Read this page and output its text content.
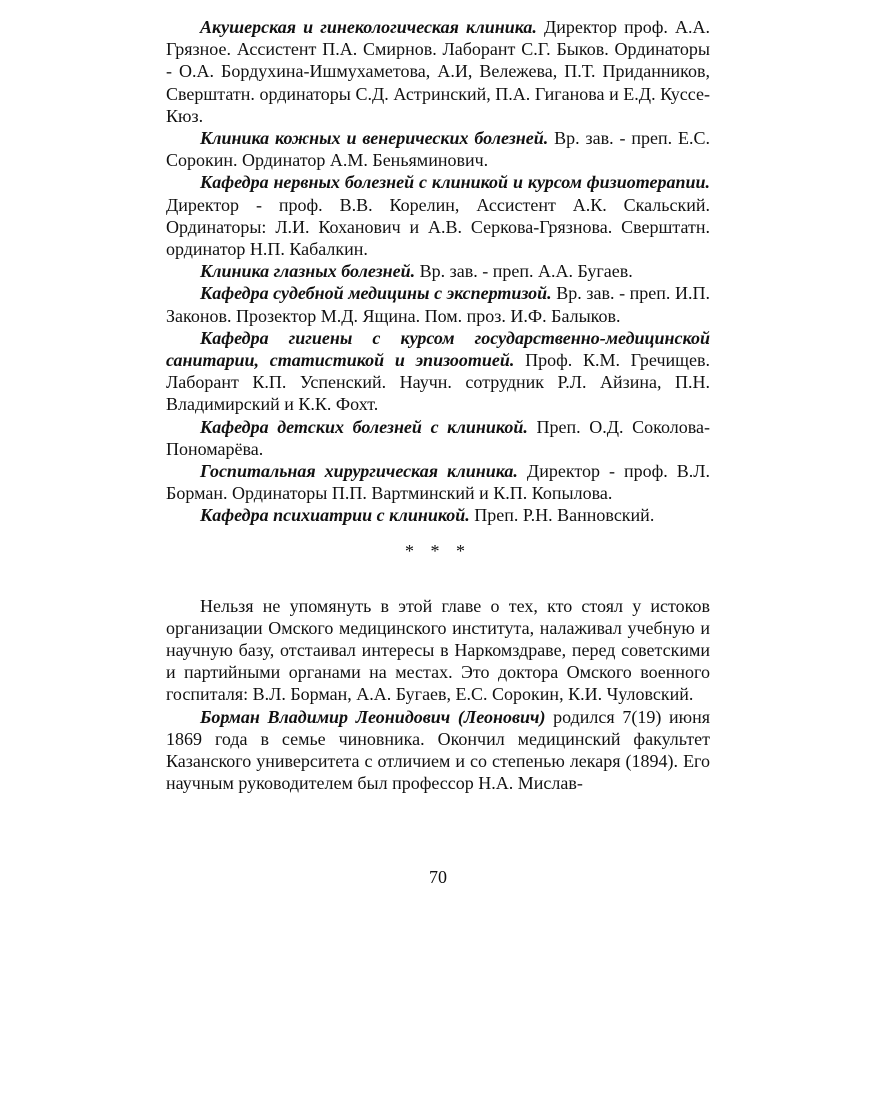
Акушерская и гинекологическая клиника. Директор проф. А.А. Грязное. Ассистент П.А. Смирнов. Лаборант С.Г. Быков. Ординаторы - О.А. Бордухина-Ишмухаметова, А.И, Вележева, П.Т. Приданников, Сверштатн. ординаторы С.Д. Астринский, П.А. Гиганова и Е.Д. Куссе-Кюз.

Клиника кожных и венерических болезней. Вр. зав. - преп. Е.С. Сорокин. Ординатор А.М. Беньяминович.

Кафедра нервных болезней с клиникой и курсом физиотерапии. Директор - проф. В.В. Корелин, Ассистент А.К. Скальский. Ординаторы: Л.И. Коханович и А.В. Серкова-Грязнова. Сверштатн. ординатор Н.П. Кабалкин.

Клиника глазных болезней. Вр. зав. - преп. А.А. Бугаев.

Кафедра судебной медицины с экспертизой. Вр. зав. - преп. И.П. Законов. Прозектор М.Д. Ящина. Пом. проз. И.Ф. Балыков.

Кафедра гигиены с курсом государственно-медицинской санитарии, статистикой и эпизоотией. Проф. К.М. Гречищев. Лаборант К.П. Успенский. Научн. сотрудник Р.Л. Айзина, П.Н. Владимирский и К.К. Фохт.

Кафедра детских болезней с клиникой. Преп. О.Д. Соколова-Пономарёва.

Госпитальная хирургическая клиника. Директор - проф. В.Л. Борман. Ординаторы П.П. Вартминский и К.П. Копылова.

Кафедра психиатрии с клиникой. Преп. Р.Н. Ванновский.

* * *

Нельзя не упомянуть в этой главе о тех, кто стоял у истоков организации Омского медицинского института, налаживал учебную и научную базу, отстаивал интересы в Наркомздраве, перед советскими и партийными органами на местах. Это доктора Омского военного госпиталя: В.Л. Борман, А.А. Бугаев, Е.С. Сорокин, К.И. Чуловский.

Борман Владимир Леонидович (Леонович) родился 7(19) июня 1869 года в семье чиновника. Окончил медицинский факультет Казанского университета с отличием и со степенью лекаря (1894). Его научным руководителем был профессор Н.А. Мислав-

70
